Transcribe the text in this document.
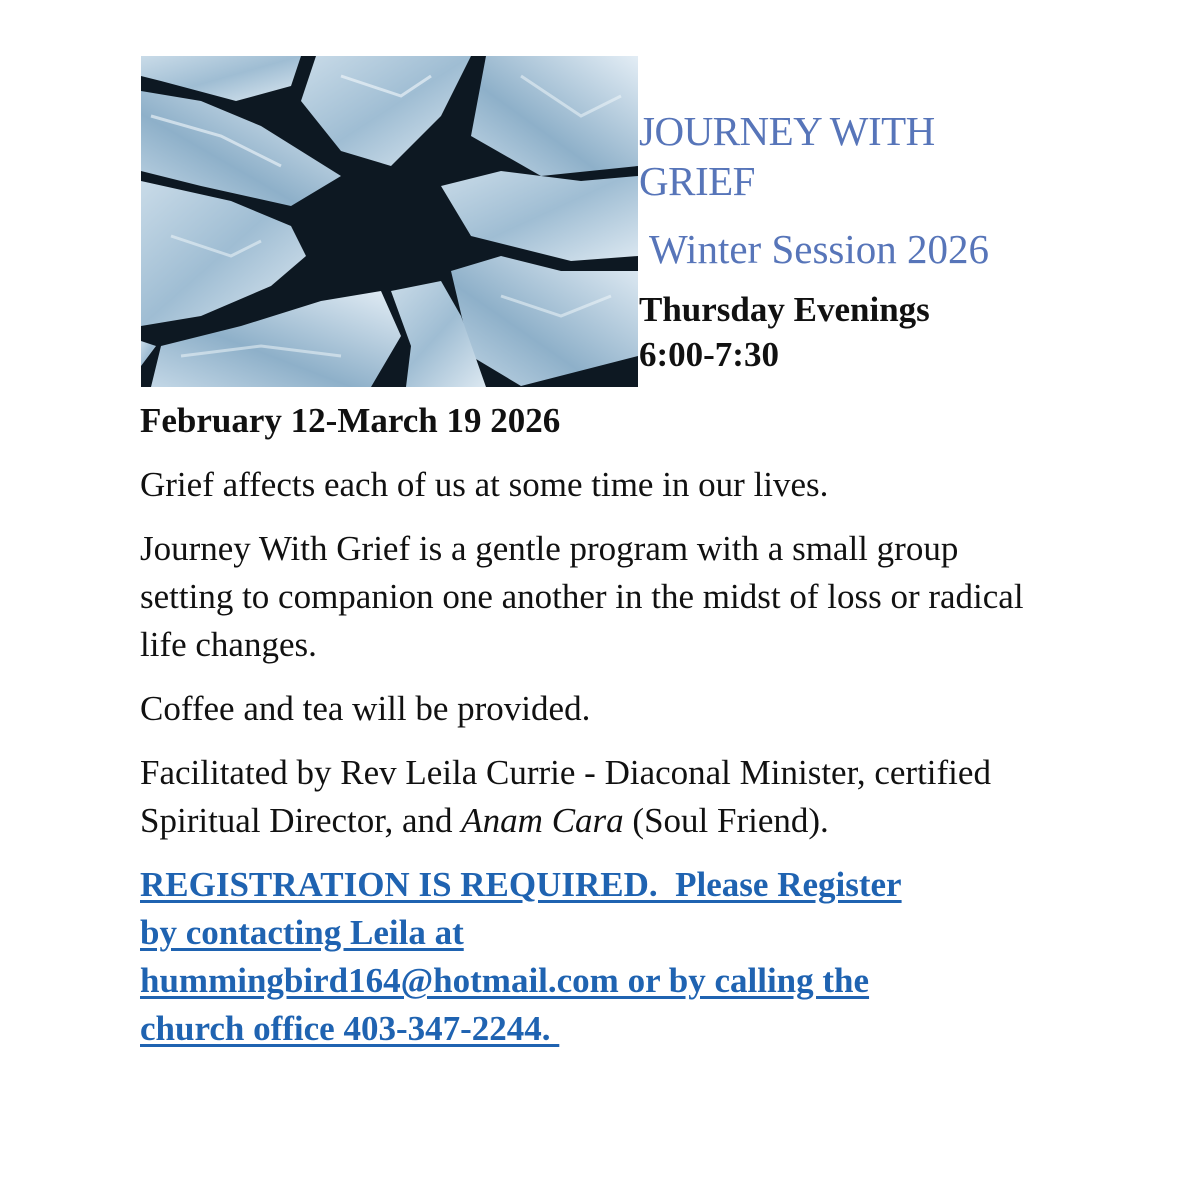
JOURNEY WITH GRIEF
Winter Session 2026
Thursday Evenings
6:00-7:30
February 12-March 19 2026

Grief affects each of us at some time in our lives.

Journey With Grief is a gentle program with a small group setting to companion one another in the midst of loss or radical life changes.

Coffee and tea will be provided.

Facilitated by Rev Leila Currie - Diaconal Minister, certified Spiritual Director, and Anam Cara (Soul Friend).

REGISTRATION IS REQUIRED.  Please Register
by contacting Leila at
hummingbird164@hotmail.com or by calling the
church office 403-347-2244.
